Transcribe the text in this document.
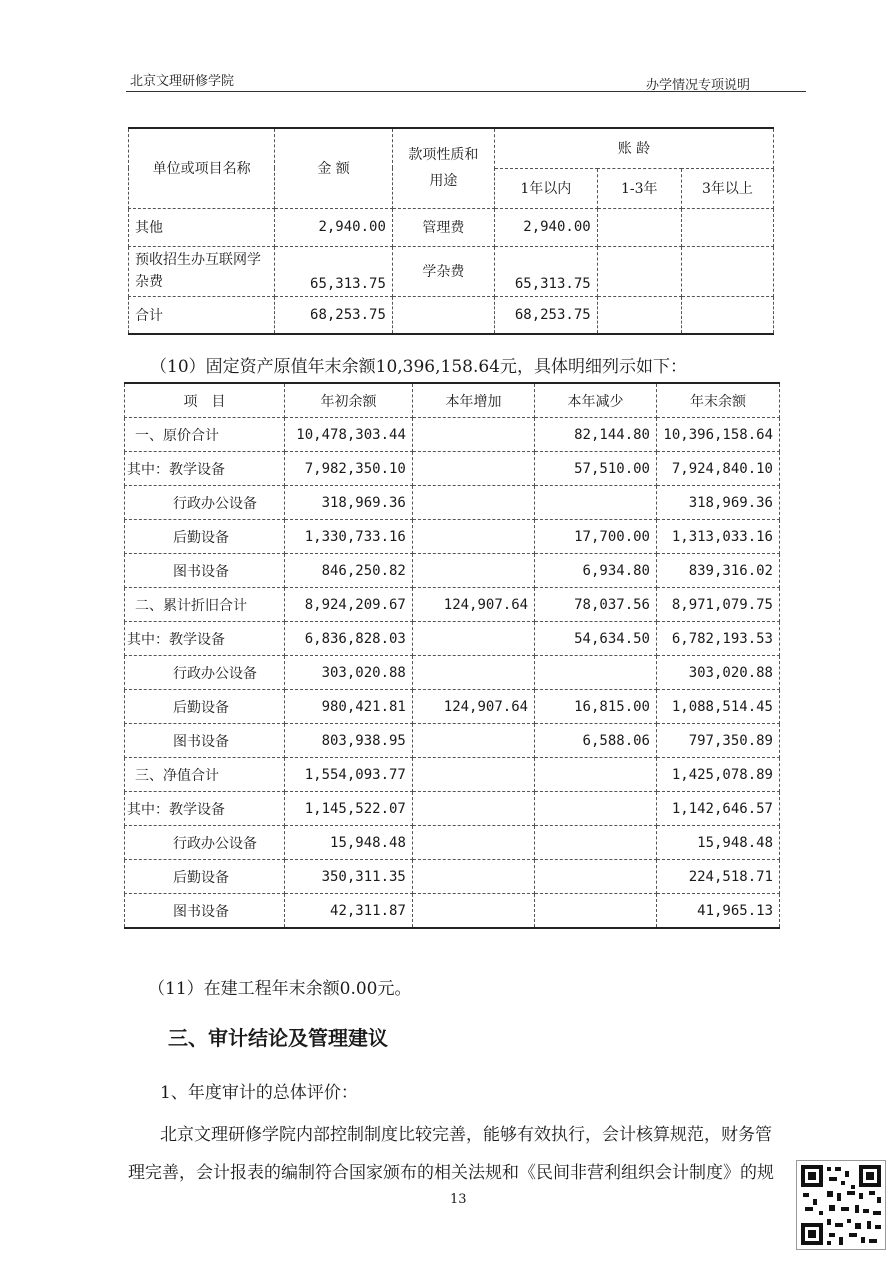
北京文理研修学院	办学情况专项说明
单位或项目名称	金 额	款项性质和用途	账 龄		
			1年以内	1-3年	3年以上
其他	2,940.00	管理费	2,940.00		
预收招生办互联网学杂费	65,313.75	学杂费	65,313.75		
合计	68,253.75		68,253.75		
（10）固定资产原值年末余额10,396,158.64元，具体明细列示如下：
项　目	年初余额	本年增加	本年减少	年末余额
一、原价合计	10,478,303.44		82,144.80	10,396,158.64
其中：教学设备	7,982,350.10		57,510.00	7,924,840.10
行政办公设备	318,969.36			318,969.36
后勤设备	1,330,733.16		17,700.00	1,313,033.16
图书设备	846,250.82		6,934.80	839,316.02
二、累计折旧合计	8,924,209.67	124,907.64	78,037.56	8,971,079.75
其中：教学设备	6,836,828.03		54,634.50	6,782,193.53
行政办公设备	303,020.88			303,020.88
后勤设备	980,421.81	124,907.64	16,815.00	1,088,514.45
图书设备	803,938.95		6,588.06	797,350.89
三、净值合计	1,554,093.77			1,425,078.89
其中：教学设备	1,145,522.07			1,142,646.57
行政办公设备	15,948.48			15,948.48
后勤设备	350,311.35			224,518.71
图书设备	42,311.87			41,965.13
（11）在建工程年末余额0.00元。
三、审计结论及管理建议
1、年度审计的总体评价：
北京文理研修学院内部控制制度比较完善，能够有效执行，会计核算规范，财务管
理完善，会计报表的编制符合国家颁布的相关法规和《民间非营利组织会计制度》的规
13
